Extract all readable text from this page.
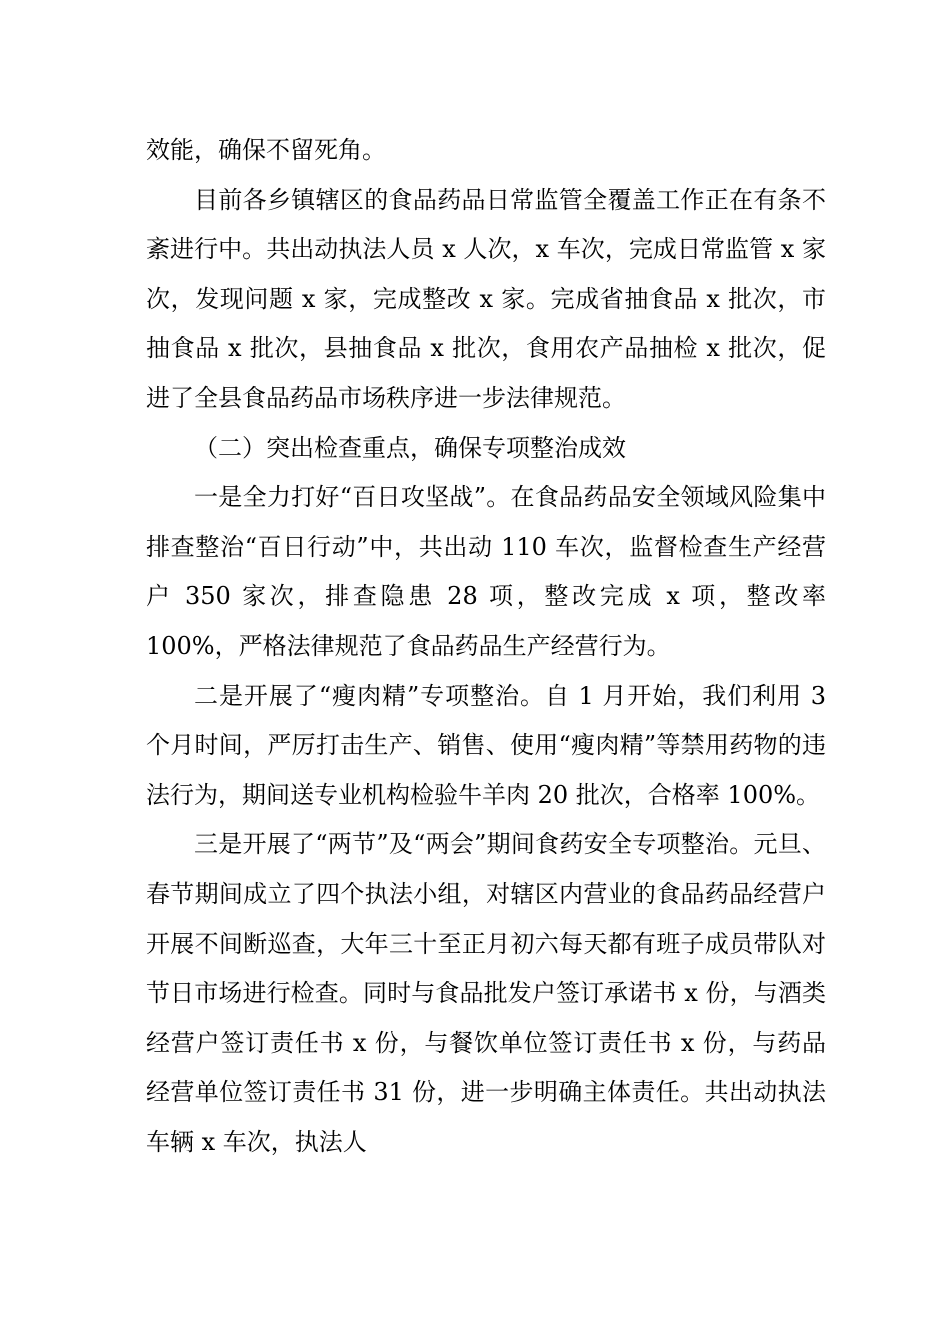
效能，确保不留死角。

目前各乡镇辖区的食品药品日常监管全覆盖工作正在有条不紊进行中。共出动执法人员 x 人次，x 车次，完成日常监管 x 家次，发现问题 x 家，完成整改 x 家。完成省抽食品 x 批次，市抽食品 x 批次，县抽食品 x 批次，食用农产品抽检 x 批次，促进了全县食品药品市场秩序进一步法律规范。

（二）突出检查重点，确保专项整治成效

一是全力打好“百日攻坚战”。在食品药品安全领域风险集中排查整治“百日行动”中，共出动 110 车次，监督检查生产经营户 350 家次，排查隐患 28 项，整改完成 x 项，整改率 100%，严格法律规范了食品药品生产经营行为。

二是开展了“瘦肉精”专项整治。自 1 月开始，我们利用 3 个月时间，严厉打击生产、销售、使用“瘦肉精”等禁用药物的违法行为，期间送专业机构检验牛羊肉 20 批次，合格率 100%。

三是开展了“两节”及“两会”期间食药安全专项整治。元旦、春节期间成立了四个执法小组，对辖区内营业的食品药品经营户开展不间断巡查，大年三十至正月初六每天都有班子成员带队对节日市场进行检查。同时与食品批发户签订承诺书 x 份，与酒类经营户签订责任书 x 份，与餐饮单位签订责任书 x 份，与药品经营单位签订责任书 31 份，进一步明确主体责任。共出动执法车辆 x 车次，执法人
